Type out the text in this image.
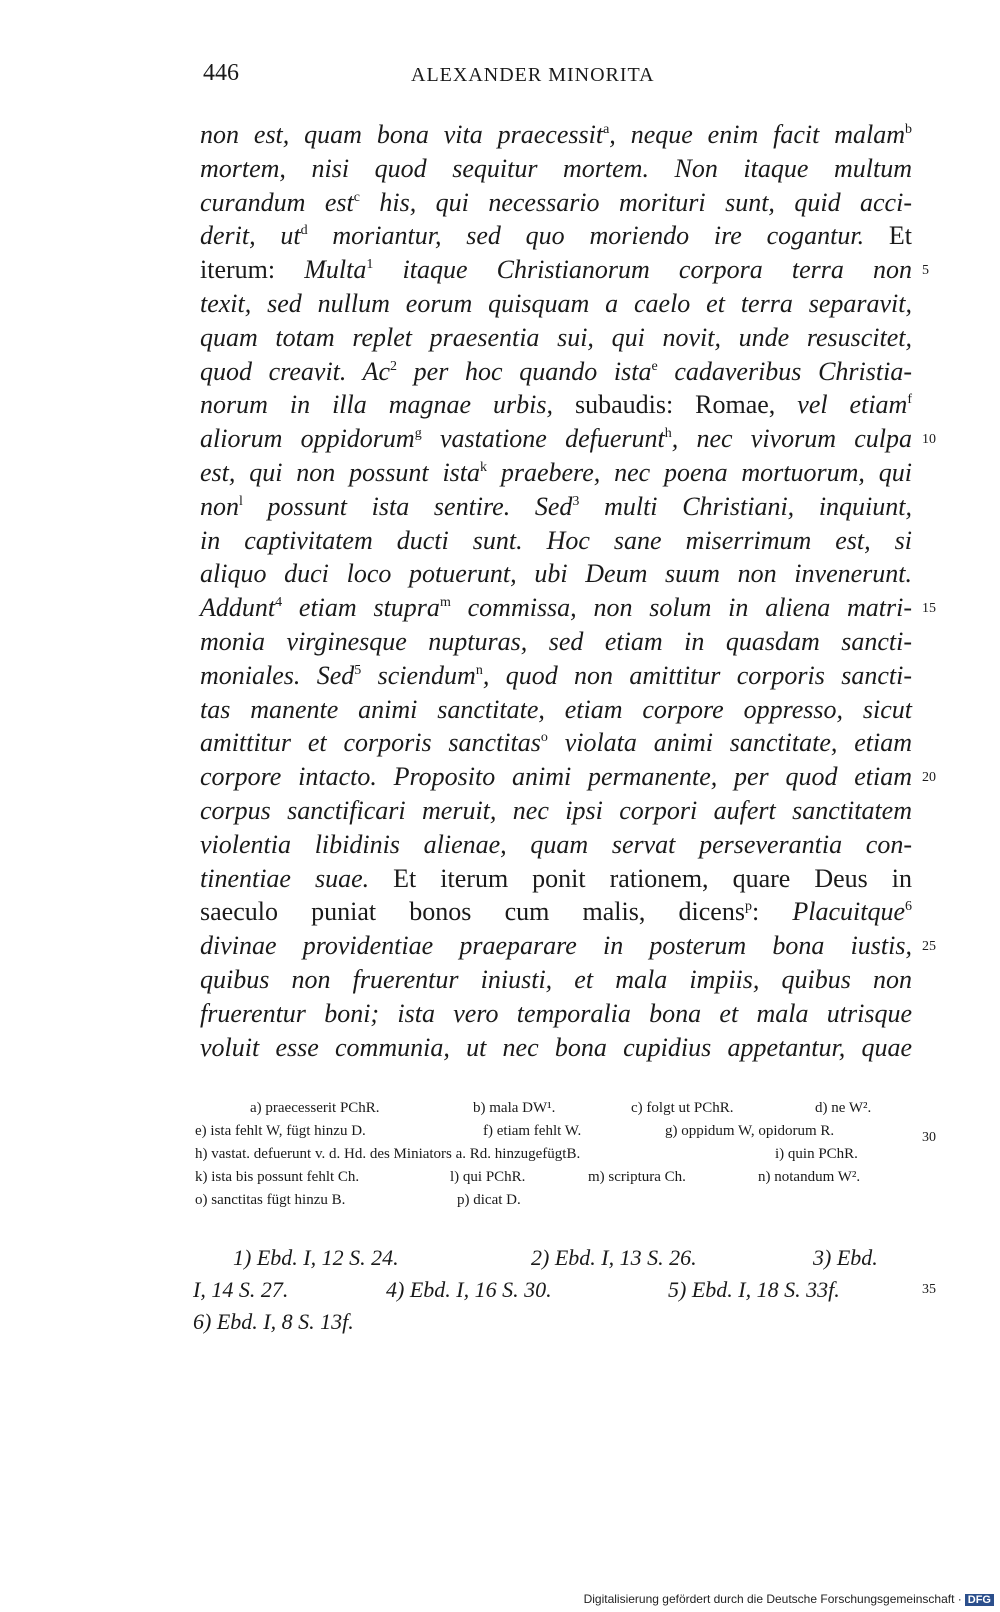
446	ALEXANDER MINORITA
non est, quam bona vita praecessit$^a$, neque enim facit malam$^b$
mortem, nisi quod sequitur mortem. Non itaque multum
curandum est$^c$ his, qui necessario morituri sunt, quid acci-
derit, $ut^d$ moriantur, sed quo moriendo ire cogantur. Et
iterum: Multa$^1$ itaque Christianorum corpora terra non
texit, sed nullum eorum quisquam a caelo et terra separavit,
quam totam replet praesentia sui, qui novit, unde resuscitet,
quod creavit. Ac$^2$ per hoc quando ista$^e$ cadaveribus Christia-
norum in illa magnae urbis, subaudis: Romae, vel etiam$^f$
aliorum oppidorum$^g$ vastatione defuerunt$^h$, nec vivorum culpa
est, qui non possunt ista$^k$ praebere, nec poena mortuorum, qui
non$^l$ possunt ista sentire. Sed$^3$ multi Christiani, inquiunt,
in captivitatem ducti sunt. Hoc sane miserrimum est, si
aliquo duci loco potuerunt, ubi Deum suum non invenerunt.
Addunt$^4$ etiam stupra$^m$ commissa, non solum in aliena matri-
monia virginesque nupturas, sed etiam in quasdam sancti-
moniales. Sed$^5$ sciendum$^n$, quod non amittitur corporis sancti-
tas manente animi sanctitate, etiam corpore oppresso, sicut
amittitur et corporis sanctitas$^o$ violata animi sanctitate, etiam
corpore intacto. Proposito animi permanente, per quod etiam
corpus sanctificari meruit, nec ipsi corpori aufert sanctitatem
violentia libidinis alienae, quam servat perseverantia con-
tinentiae suae. Et iterum ponit rationem, quare Deus in
saeculo puniat bonos cum malis, dicens$^p$: Placuitque$^6$
divinae providentiae praeparare in posterum bona iustis,
quibus non fruerentur iniusti, et mala impiis, quibus non
fruerentur boni; ista vero temporalia bona et mala utrisque
voluit esse communia, ut nec bona cupidius appetantur, quae
5
10
15
20
25
a) praecesserit PChR.	b) mala DW¹.	c) folgt ut PChR.	d) ne W².
e) ista fehlt W, fügt hinzu D.	f) etiam fehlt W.	g) oppidum W, opidorum R.
h) vastat. defuerunt v. d. Hd. des Miniators a. Rd. hinzugefügtB.	i) quin PChR.
k) ista bis possunt fehlt Ch.	l) qui PChR.	m) scriptura Ch.	n) notandum W².
o) sanctitas fügt hinzu B.	p) dicat D.
30
1) Ebd. I, 12 S. 24.	2) Ebd. I, 13 S. 26.	3) Ebd.
I, 14 S. 27.	4) Ebd. I, 16 S. 30.	5) Ebd. I, 18 S. 33f.
6) Ebd. I, 8 S. 13f.
35
Digitalisierung gefördert durch die Deutsche Forschungsgemeinschaft · DFG
